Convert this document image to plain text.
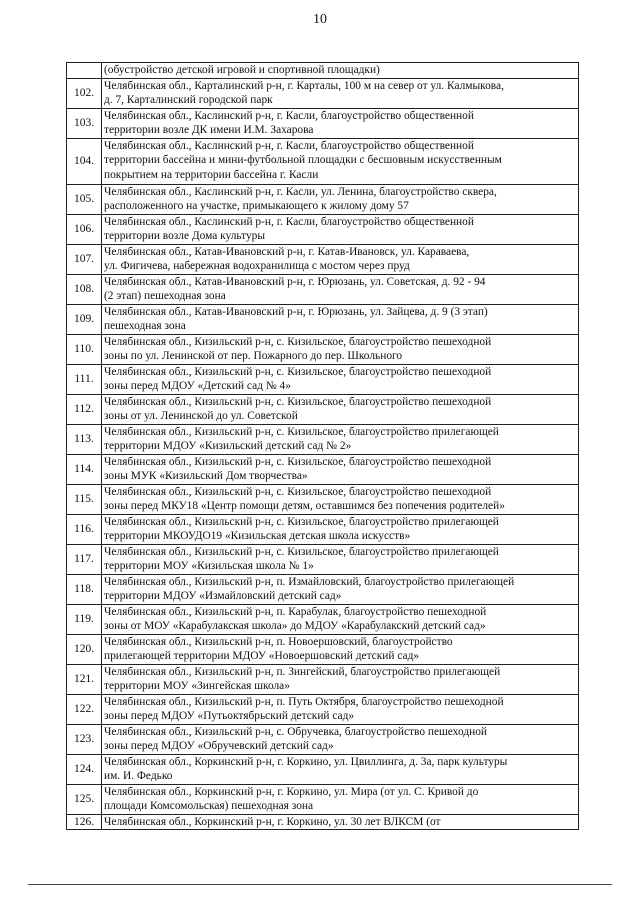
10

	(обустройство детской игровой и спортивной площадки)

102.	Челябинская обл., Карталинский р-н, г. Карталы, 100 м на север от ул. Калмыкова,
д. 7, Карталинский городской парк

103.	Челябинская обл., Каслинский р-н, г. Касли, благоустройство общественной
территории возле ДК имени И.М. Захарова

104.	Челябинская обл., Каслинский р-н, г. Касли, благоустройство общественной
территории бассейна и мини-футбольной площадки с бесшовным искусственным
покрытием на территории бассейна г. Касли

105.	Челябинская обл., Каслинский р-н, г. Касли, ул. Ленина, благоустройство сквера,
расположенного на участке, примыкающего к жилому дому 57

106.	Челябинская обл., Каслинский р-н, г. Касли, благоустройство общественной
территории возле Дома культуры

107.	Челябинская обл., Катав-Ивановский р-н, г. Катав-Ивановск, ул. Караваева,
ул. Фигичева, набережная водохранилища с мостом через пруд

108.	Челябинская обл., Катав-Ивановский р-н, г. Юрюзань, ул. Советская, д. 92 - 94
(2 этап) пешеходная зона

109.	Челябинская обл., Катав-Ивановский р-н, г. Юрюзань, ул. Зайцева, д. 9 (3 этап)
пешеходная зона

110.	Челябинская обл., Кизильский р-н, с. Кизильское, благоустройство пешеходной
зоны по ул. Ленинской от пер. Пожарного до пер. Школьного

111.	Челябинская обл., Кизильский р-н, с. Кизильское, благоустройство пешеходной
зоны перед МДОУ «Детский сад № 4»

112.	Челябинская обл., Кизильский р-н, с. Кизильское, благоустройство пешеходной
зоны от ул. Ленинской до ул. Советской

113.	Челябинская обл., Кизильский р-н, с. Кизильское, благоустройство прилегающей
территории МДОУ «Кизильский детский сад № 2»

114.	Челябинская обл., Кизильский р-н, с. Кизильское, благоустройство пешеходной
зоны МУК «Кизильский Дом творчества»

115.	Челябинская обл., Кизильский р-н, с. Кизильское, благоустройство пешеходной
зоны перед МКУ18 «Центр помощи детям, оставшимся без попечения родителей»

116.	Челябинская обл., Кизильский р-н, с. Кизильское, благоустройство прилегающей
территории МКОУДО19 «Кизильская детская школа искусств»

117.	Челябинская обл., Кизильский р-н, с. Кизильское, благоустройство прилегающей
территории МОУ «Кизильская школа № 1»

118.	Челябинская обл., Кизильский р-н, п. Измайловский, благоустройство прилегающей
территории МДОУ «Измайловский детский сад»

119.	Челябинская обл., Кизильский р-н, п. Карабулак, благоустройство пешеходной
зоны от МОУ «Карабулакская школа» до МДОУ «Карабулакский детский сад»

120.	Челябинская обл., Кизильский р-н, п. Новоершовский, благоустройство
прилегающей территории МДОУ «Новоершовский детский сад»

121.	Челябинская обл., Кизильский р-н, п. Зингейский, благоустройство прилегающей
территории МОУ «Зингейская школа»

122.	Челябинская обл., Кизильский р-н, п. Путь Октября, благоустройство пешеходной
зоны перед МДОУ «Путьоктябрьский детский сад»

123.	Челябинская обл., Кизильский р-н, с. Обручевка, благоустройство пешеходной
зоны перед МДОУ «Обручевский детский сад»

124.	Челябинская обл., Коркинский р-н, г. Коркино, ул. Цвиллинга, д. 3а, парк культуры
им. И. Федько

125.	Челябинская обл., Коркинский р-н, г. Коркино, ул. Мира (от ул. С. Кривой до
площади Комсомольская) пешеходная зона

126.	Челябинская обл., Коркинский р-н, г. Коркино, ул. 30 лет ВЛКСМ (от
